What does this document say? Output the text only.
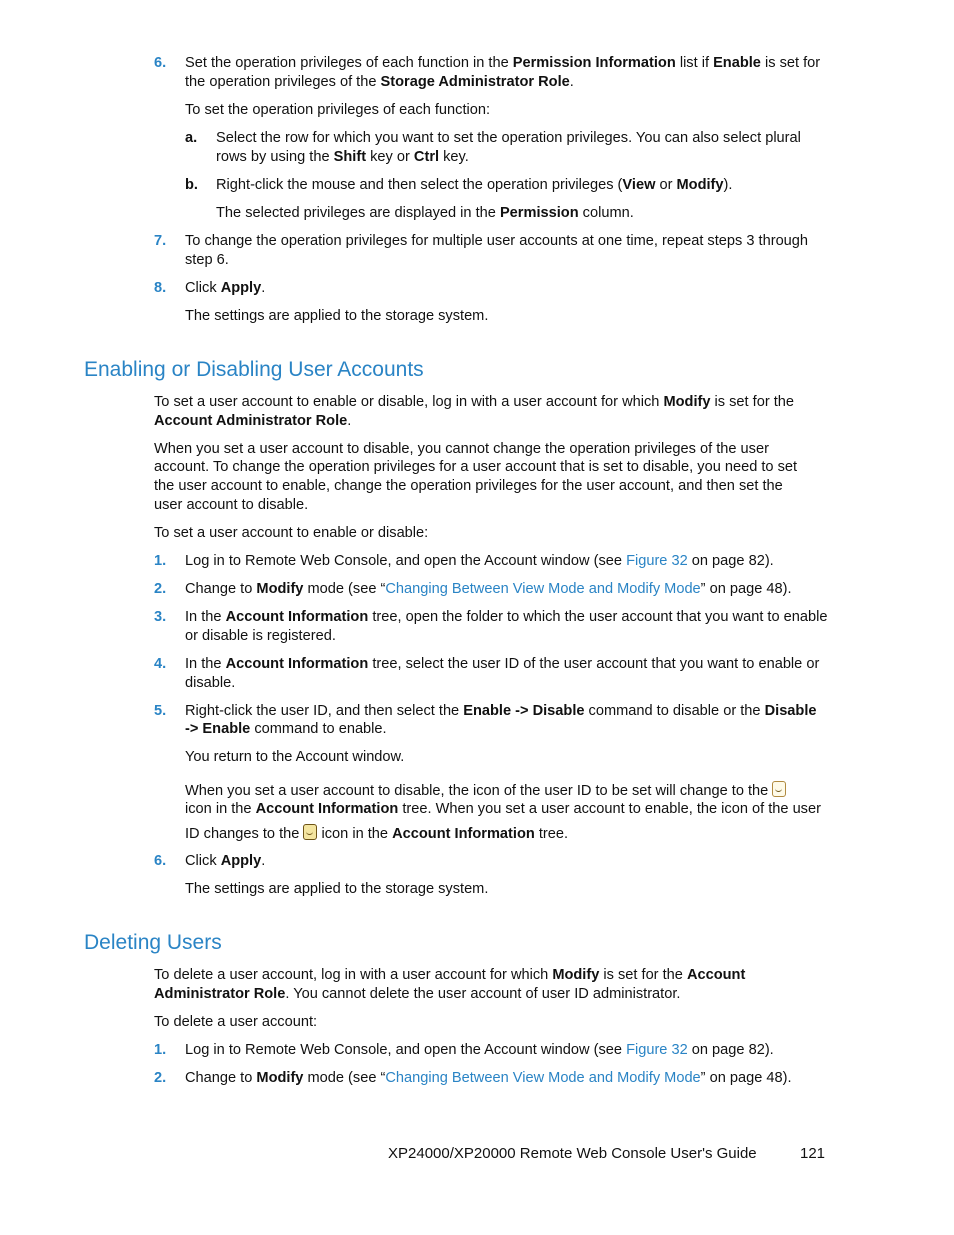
6. Set the operation privileges of each function in the Permission Information list if Enable is set for
the operation privileges of the Storage Administrator Role.
To set the operation privileges of each function:
a. Select the row for which you want to set the operation privileges. You can also select plural
rows by using the Shift key or Ctrl key.
b. Right-click the mouse and then select the operation privileges (View or Modify).
The selected privileges are displayed in the Permission column.
7. To change the operation privileges for multiple user accounts at one time, repeat steps 3 through
step 6.
8. Click Apply.
The settings are applied to the storage system.
Enabling or Disabling User Accounts
To set a user account to enable or disable, log in with a user account for which Modify is set for the
Account Administrator Role.
When you set a user account to disable, you cannot change the operation privileges of the user
account. To change the operation privileges for a user account that is set to disable, you need to set
the user account to enable, change the operation privileges for the user account, and then set the
user account to disable.
To set a user account to enable or disable:
1. Log in to Remote Web Console, and open the Account window (see Figure 32 on page 82).
2. Change to Modify mode (see “Changing Between View Mode and Modify Mode” on page 48).
3. In the Account Information tree, open the folder to which the user account that you want to enable
or disable is registered.
4. In the Account Information tree, select the user ID of the user account that you want to enable or
disable.
5. Right-click the user ID, and then select the Enable -> Disable command to disable or the Disable
-> Enable command to enable.
You return to the Account window.
When you set a user account to disable, the icon of the user ID to be set will change to the
icon in the Account Information tree. When you set a user account to enable, the icon of the user
ID changes to the  icon in the Account Information tree.
6. Click Apply.
The settings are applied to the storage system.
Deleting Users
To delete a user account, log in with a user account for which Modify is set for the Account
Administrator Role. You cannot delete the user account of user ID administrator.
To delete a user account:
1. Log in to Remote Web Console, and open the Account window (see Figure 32 on page 82).
2. Change to Modify mode (see “Changing Between View Mode and Modify Mode” on page 48).
XP24000/XP20000 Remote Web Console User's Guide	121
